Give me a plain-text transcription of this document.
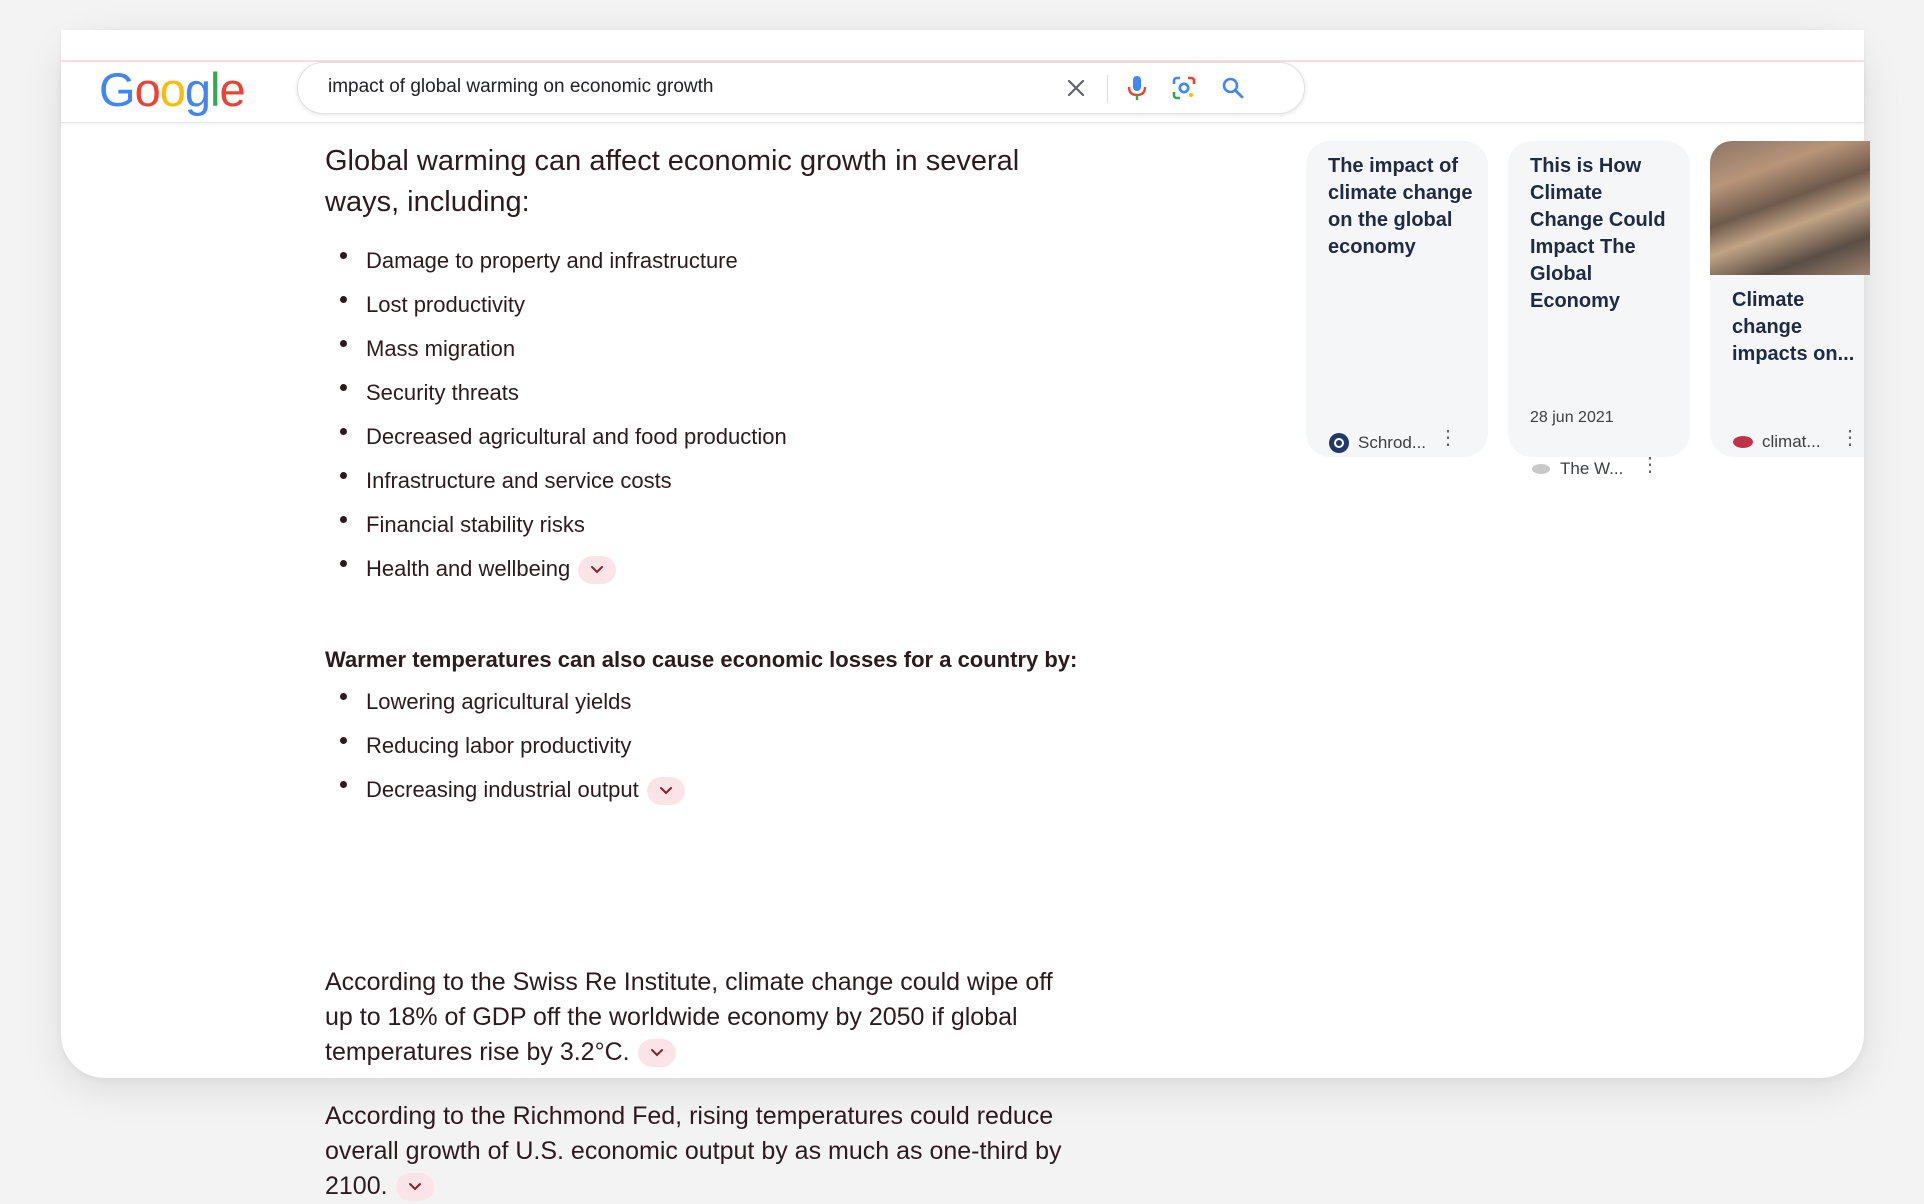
Google	impact of global warming on economic growth

Global warming can affect economic growth in several ways, including:

Damage to property and infrastructure
Lost productivity
Mass migration
Security threats
Decreased agricultural and food production
Infrastructure and service costs
Financial stability risks
Health and wellbeing
Warmer temperatures can also cause economic losses for a country by:
Lowering agricultural yields
Reducing labor productivity
Decreasing industrial output
According to the Swiss Re Institute, climate change could wipe off up to 18% of GDP off the worldwide economy by 2050 if global temperatures rise by 3.2°C.
According to the Richmond Fed, rising temperatures could reduce overall growth of U.S. economic output by as much as one-third by 2100.
The impact of climate change on the global economy
Schrod... ⋮
This is How Climate Change Could Impact The Global Economy
28 jun 2021
The W... ⋮
Climate change impacts on...
climat... ⋮
